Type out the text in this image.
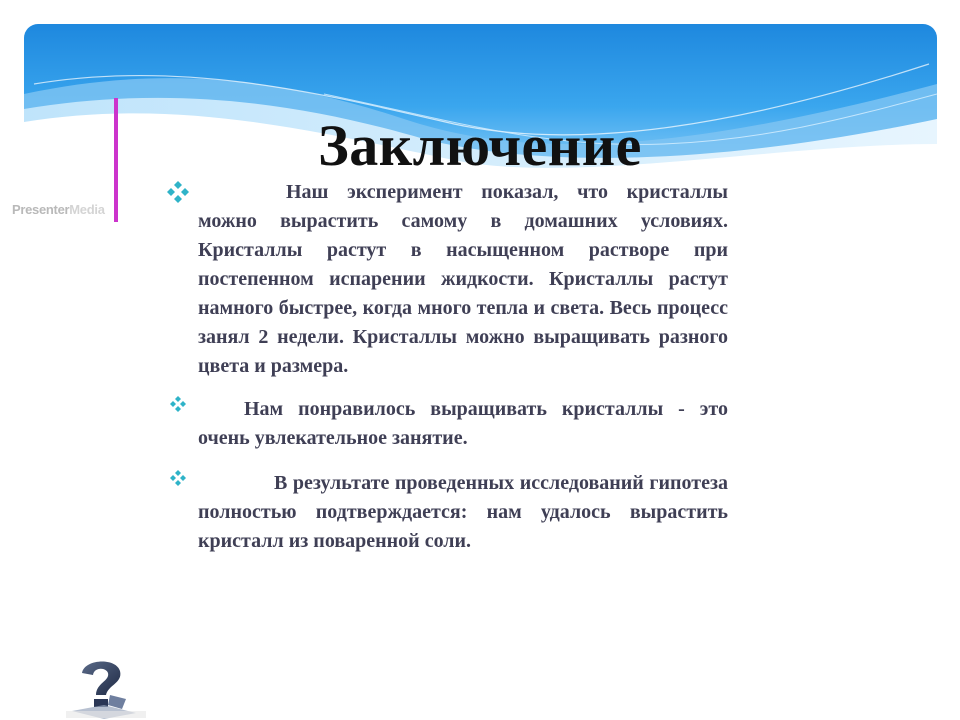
PresenterMedia
Заключение

Наш эксперимент показал, что кристаллы можно вырастить самому в домашних условиях. Кристаллы растут в насыщенном растворе при постепенном испарении жидкости. Кристаллы растут намного быстрее, когда много тепла и света. Весь процесс занял 2 недели. Кристаллы можно выращивать разного цвета и размера.

Нам понравилось выращивать кристаллы - это очень увлекательное занятие.

В результате проведенных исследований гипотеза полностью подтверждается: нам удалось вырастить кристалл из поваренной соли.
